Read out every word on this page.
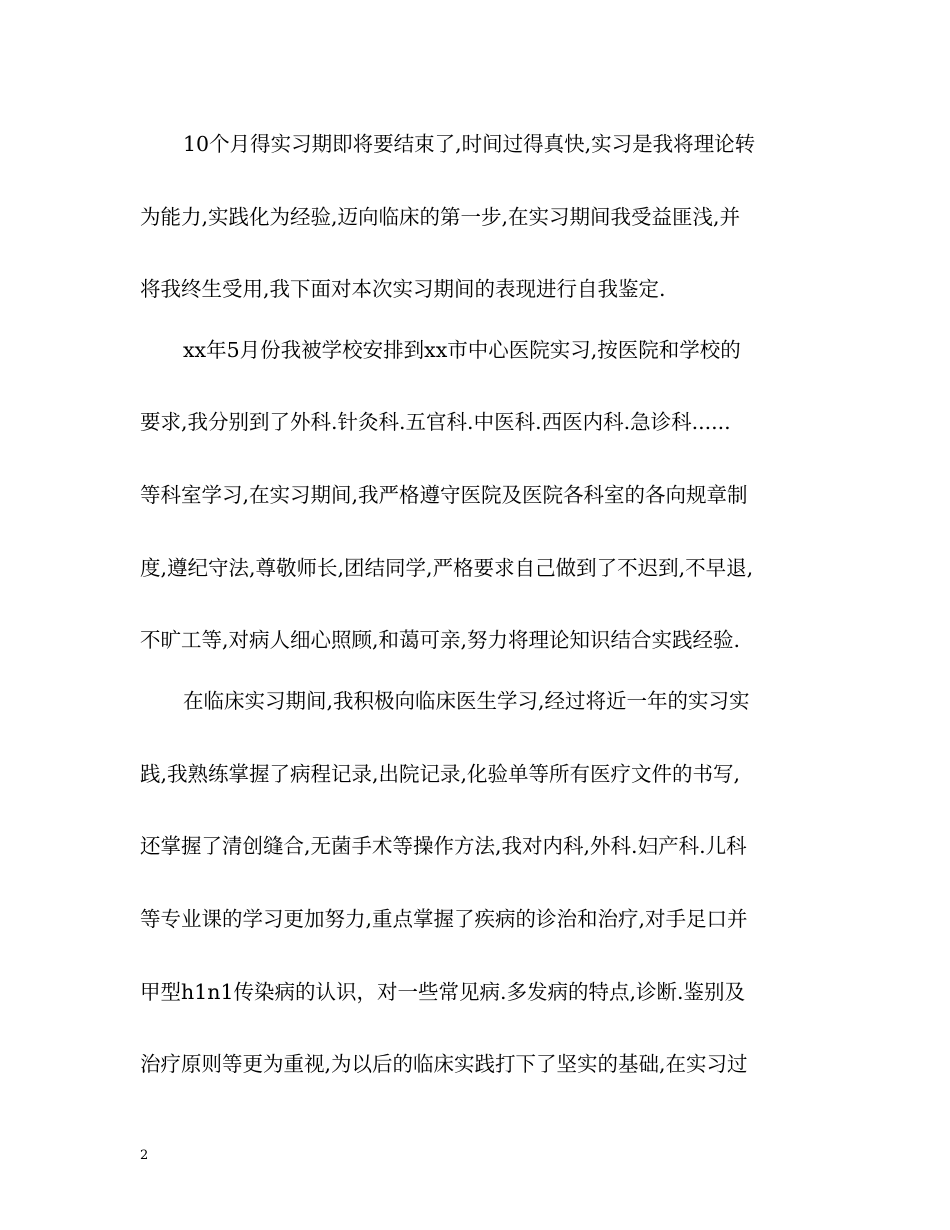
10个月得实习期即将要结束了,时间过得真快,实习是我将理论转
为能力,实践化为经验,迈向临床的第一步,在实习期间我受益匪浅,并
将我终生受用,我下面对本次实习期间的表现进行自我鉴定.
xx年5月份我被学校安排到xx市中心医院实习,按医院和学校的
要求,我分别到了外科.针灸科.五官科.中医科.西医内科.急诊科......
等科室学习,在实习期间,我严格遵守医院及医院各科室的各向规章制
度,遵纪守法,尊敬师长,团结同学,严格要求自己做到了不迟到,不早退,
不旷工等,对病人细心照顾,和蔼可亲,努力将理论知识结合实践经验.
在临床实习期间,我积极向临床医生学习,经过将近一年的实习实
践,我熟练掌握了病程记录,出院记录,化验单等所有医疗文件的书写,
还掌握了清创缝合,无菌手术等操作方法,我对内科,外科.妇产科.儿科
等专业课的学习更加努力,重点掌握了疾病的诊治和治疗,对手足口并
甲型h1n1传染病的认识，对一些常见病.多发病的特点,诊断.鉴别及
治疗原则等更为重视,为以后的临床实践打下了坚实的基础,在实习过
2
